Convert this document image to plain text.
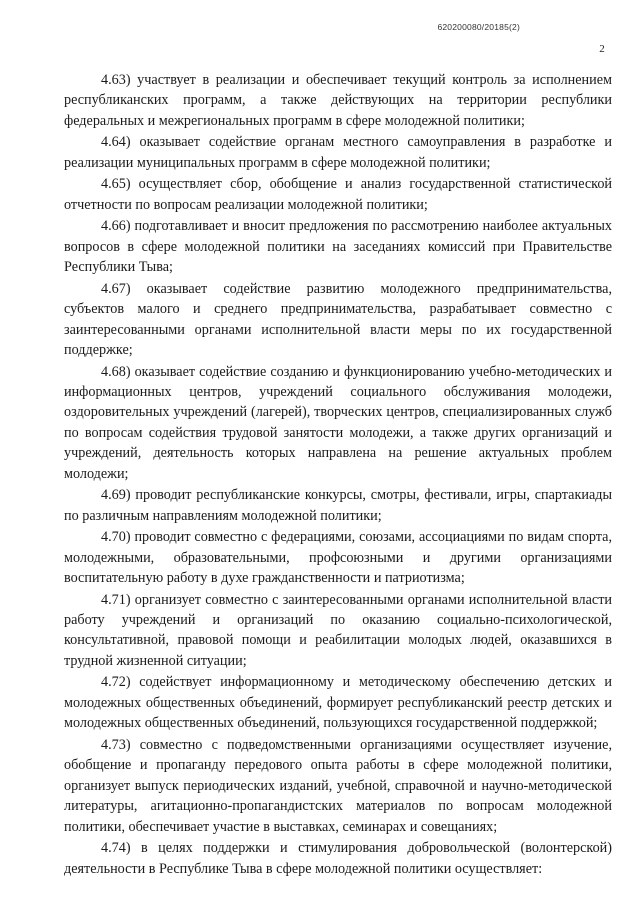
620200080/20185(2)
2

4.63) участвует в реализации и обеспечивает текущий контроль за исполнением республиканских программ, а также действующих на территории республики федеральных и межрегиональных программ в сфере молодежной политики;

4.64) оказывает содействие органам местного самоуправления в разработке и реализации муниципальных программ в сфере молодежной политики;

4.65) осуществляет сбор, обобщение и анализ государственной статистической отчетности по вопросам реализации молодежной политики;

4.66) подготавливает и вносит предложения по рассмотрению наиболее актуальных вопросов в сфере молодежной политики на заседаниях комиссий при Правительстве Республики Тыва;

4.67) оказывает содействие развитию молодежного предпринимательства, субъектов малого и среднего предпринимательства, разрабатывает совместно с заинтересованными органами исполнительной власти меры по их государственной поддержке;

4.68) оказывает содействие созданию и функционированию учебно-методических и информационных центров, учреждений социального обслуживания молодежи, оздоровительных учреждений (лагерей), творческих центров, специализированных служб по вопросам содействия трудовой занятости молодежи, а также других организаций и учреждений, деятельность которых направлена на решение актуальных проблем молодежи;

4.69) проводит республиканские конкурсы, смотры, фестивали, игры, спартакиады по различным направлениям молодежной политики;

4.70) проводит совместно с федерациями, союзами, ассоциациями по видам спорта, молодежными, образовательными, профсоюзными и другими организациями воспитательную работу в духе гражданственности и патриотизма;

4.71) организует совместно с заинтересованными органами исполнительной власти работу учреждений и организаций по оказанию социально-психологической, консультативной, правовой помощи и реабилитации молодых людей, оказавшихся в трудной жизненной ситуации;

4.72) содействует информационному и методическому обеспечению детских и молодежных общественных объединений, формирует республиканский реестр детских и молодежных общественных объединений, пользующихся государственной поддержкой;

4.73) совместно с подведомственными организациями осуществляет изучение, обобщение и пропаганду передового опыта работы в сфере молодежной политики, организует выпуск периодических изданий, учебной, справочной и научно-методической литературы, агитационно-пропагандистских материалов по вопросам молодежной политики, обеспечивает участие в выставках, семинарах и совещаниях;

4.74) в целях поддержки и стимулирования добровольческой (волонтерской) деятельности в Республике Тыва в сфере молодежной политики осуществляет:
